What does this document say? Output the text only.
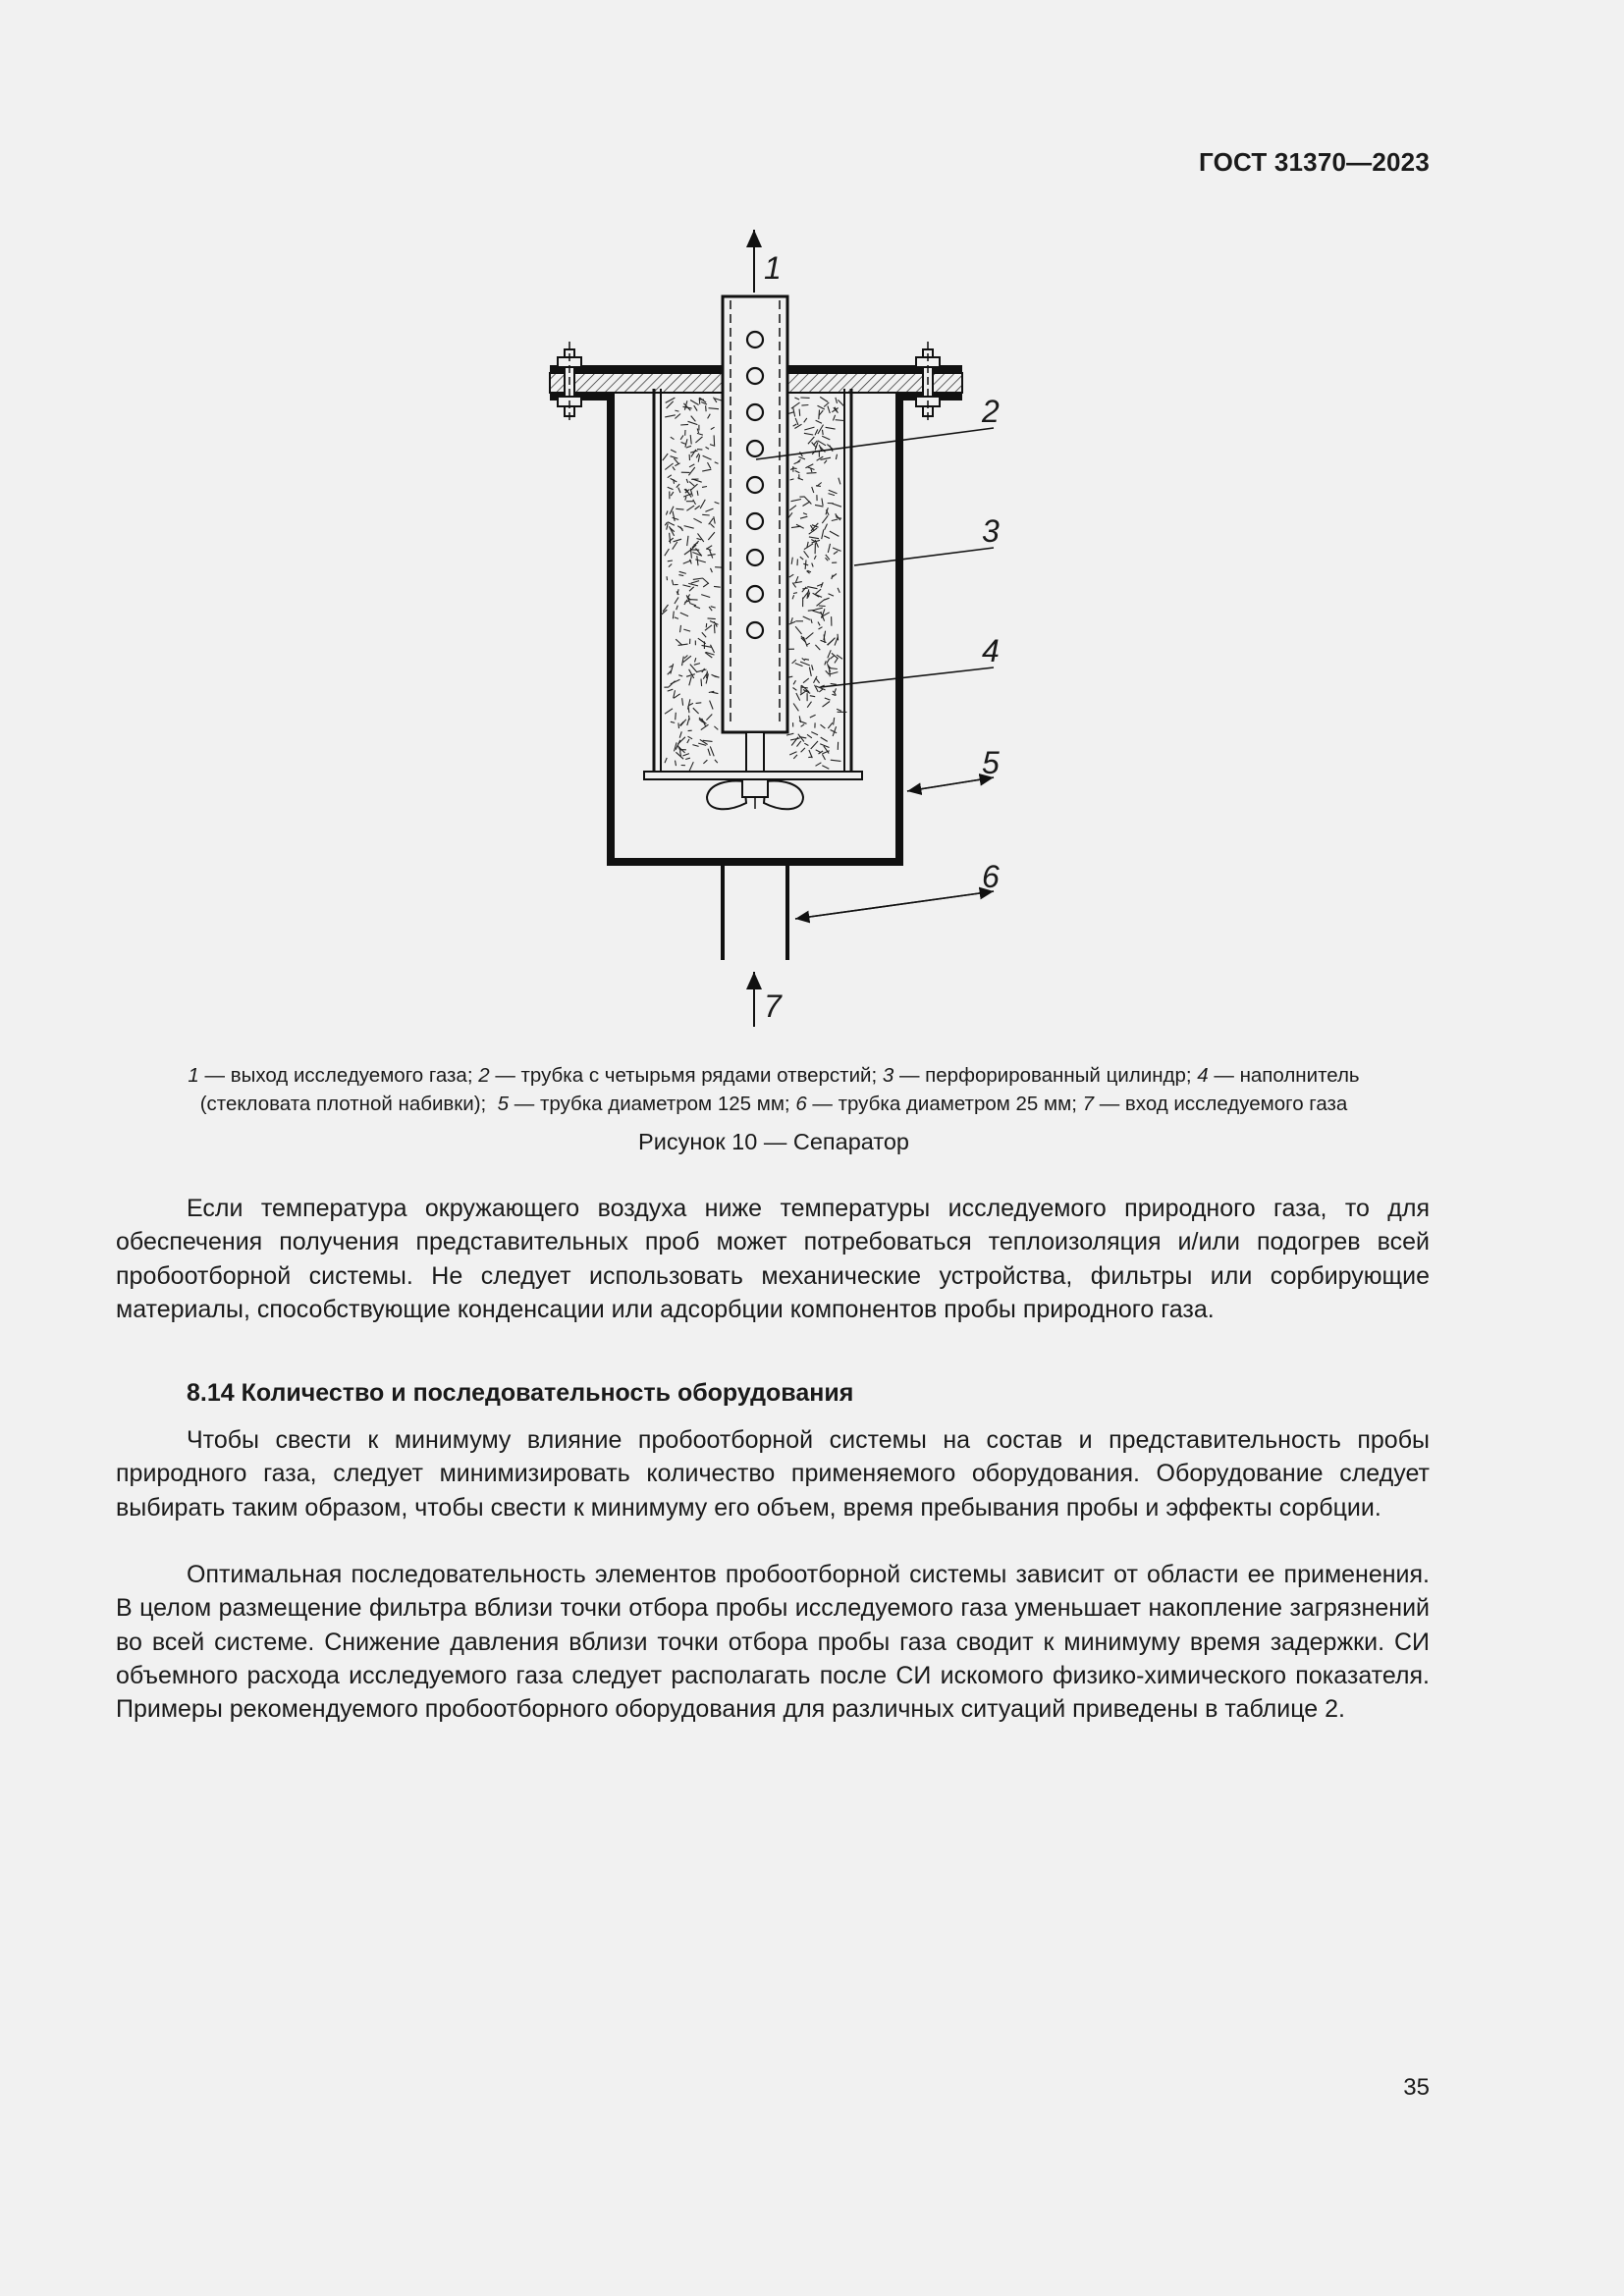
ГОСТ 31370—2023
1
2
3
4
5
6
7
1 — выход исследуемого газа; 2 — трубка с четырьмя рядами отверстий; 3 — перфорированный цилиндр; 4 — наполнитель
(стекловата плотной набивки);  5 — трубка диаметром 125 мм; 6 — трубка диаметром 25 мм; 7 — вход исследуемого газа
Рисунок 10 — Сепаратор

Если температура окружающего воздуха ниже температуры исследуемого природного газа, то для обеспечения получения представительных проб может потребоваться теплоизоляция и/или подогрев всей пробоотборной системы. Не следует использовать механические устройства, фильтры или сорбирующие материалы, способствующие конденсации или адсорбции компонентов пробы природного газа.

8.14 Количество и последовательность оборудования

Чтобы свести к минимуму влияние пробоотборной системы на состав и представительность пробы природного газа, следует минимизировать количество применяемого оборудования. Оборудование следует выбирать таким образом, чтобы свести к минимуму его объем, время пребывания пробы и эффекты сорбции.

Оптимальная последовательность элементов пробоотборной системы зависит от области ее применения. В целом размещение фильтра вблизи точки отбора пробы исследуемого газа уменьшает накопление загрязнений во всей системе. Снижение давления вблизи точки отбора пробы газа сводит к минимуму время задержки. СИ объемного расхода исследуемого газа следует располагать после СИ искомого физико-химического показателя. Примеры рекомендуемого пробоотборного оборудования для различных ситуаций приведены в таблице 2.

35
